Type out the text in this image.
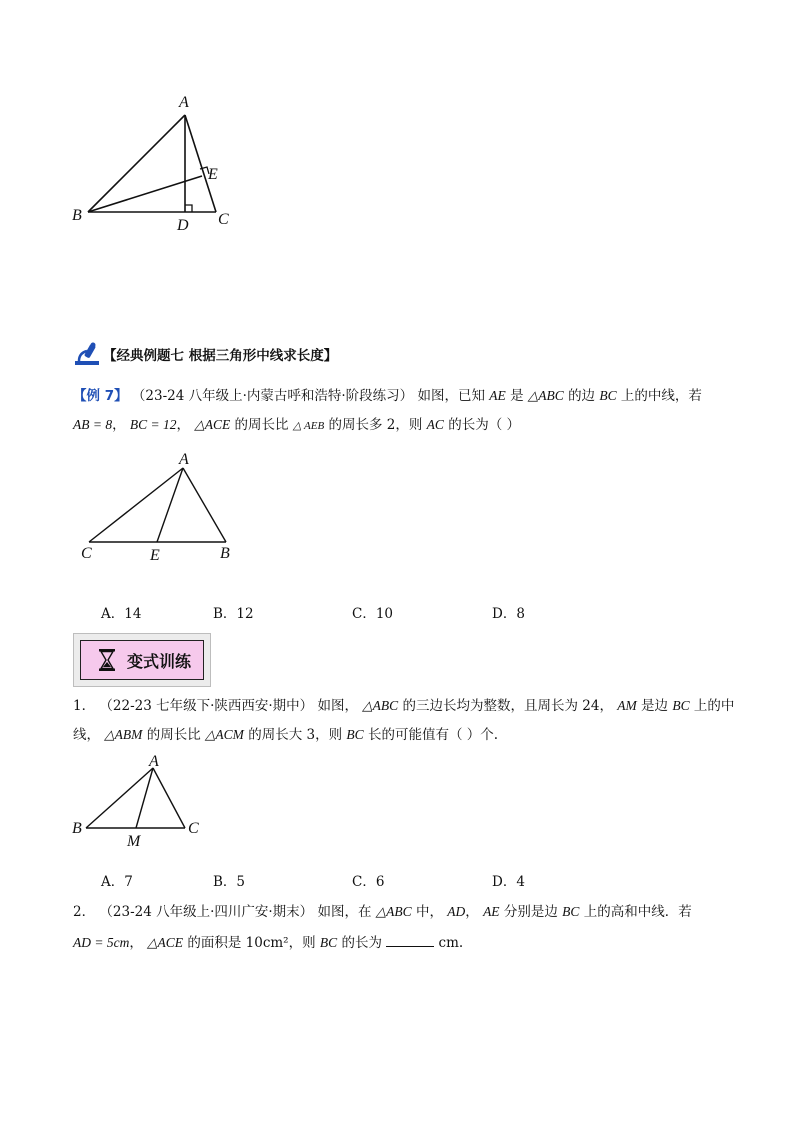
A
E
B
D C
【 经典例题七 根据三角形中线求长度 】
【例 7】 （23-24 八年级上·内蒙古呼和浩特·阶段练习） 如图，已知 AE 是 △ABC 的边 BC 上的中线，若
AB = 8， BC = 12， △ACE 的周长比 △ AEB 的周长多 2，则 AC 的长为（ ）
A
C	E	B
A．14	B．12	C．10	D．8
变式训练
1． （22-23 七年级下·陕西西安·期中） 如图， △ABC 的三边长均为整数，且周长为 24， AM 是边 BC 上的中
线， △ABM 的周长比 △ACM 的周长大 3，则 BC 长的可能值有（ ）个.
A
B
M
C
A．7	B．5	C．6	D．4
2． （23-24 八年级上·四川广安·期末） 如图，在 △ABC 中， AD， AE 分别是边 BC 上的高和中线．若
AD = 5cm， △ACE 的面积是 10cm²，则 BC 的长为	cm.
